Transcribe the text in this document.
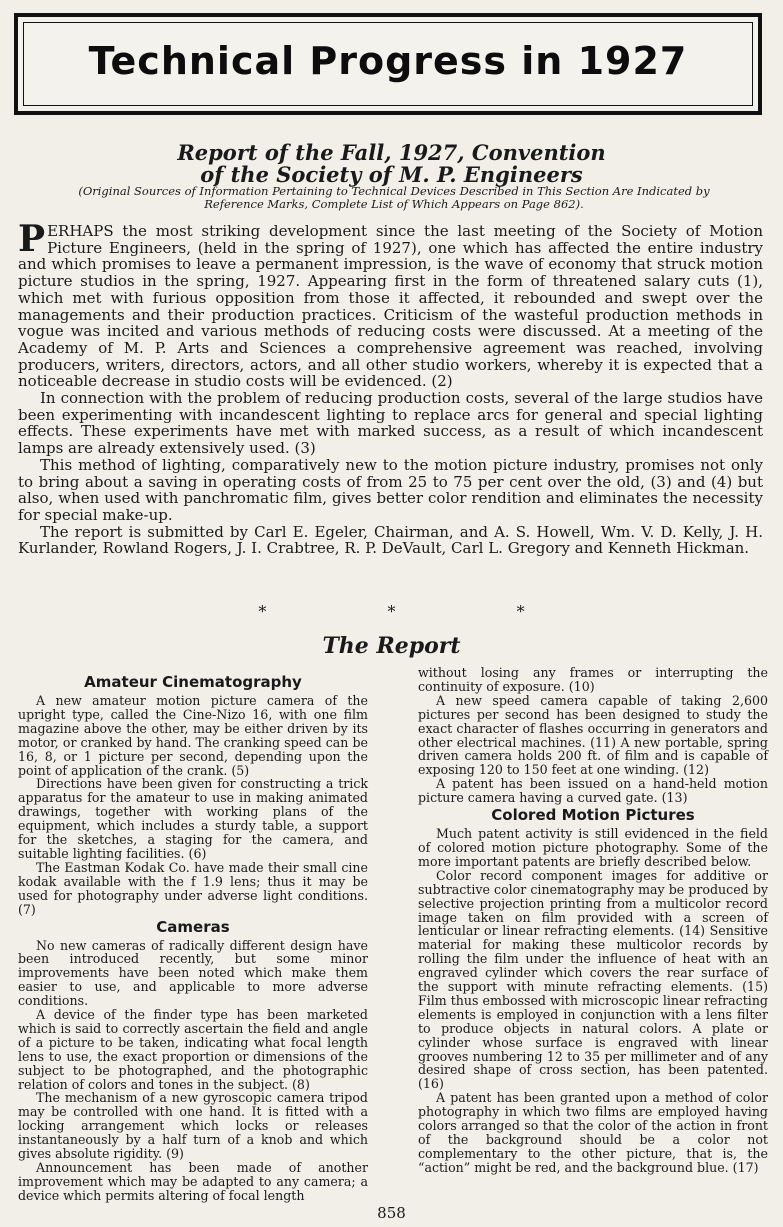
Technical Progress in 1927
Report of the Fall, 1927, Convention
of the Society of M. P. Engineers
(Original Sources of Information Pertaining to Technical Devices Described in This Section Are Indicated by Reference Marks, Complete List of Which Appears on Page 862).

PERHAPS the most striking development since the last meeting of the Society of Motion Picture Engineers, (held in the spring of 1927), one which has affected the entire industry and which promises to leave a permanent impression, is the wave of economy that struck motion picture studios in the spring, 1927. Appearing first in the form of threatened salary cuts (1), which met with furious opposition from those it affected, it rebounded and swept over the managements and their production practices. Criticism of the wasteful production methods in vogue was incited and various methods of reducing costs were discussed. At a meeting of the Academy of M. P. Arts and Sciences a comprehensive agreement was reached, involving producers, writers, directors, actors, and all other studio workers, whereby it is expected that a noticeable decrease in studio costs will be evidenced. (2)

In connection with the problem of reducing production costs, several of the large studios have been experimenting with incandescent lighting to replace arcs for general and special lighting effects. These experiments have met with marked success, as a result of which incandescent lamps are already extensively used. (3)

This method of lighting, comparatively new to the motion picture industry, promises not only to bring about a saving in operating costs of from 25 to 75 per cent over the old, (3) and (4) but also, when used with panchromatic film, gives better color rendition and eliminates the necessity for special make-up.

The report is submitted by Carl E. Egeler, Chairman, and A. S. Howell, Wm. V. D. Kelly, J. H. Kurlander, Rowland Rogers, J. I. Crabtree, R. P. DeVault, Carl L. Gregory and Kenneth Hickman.

* * *
The Report
Amateur Cinematography

A new amateur motion picture camera of the upright type, called the Cine-Nizo 16, with one film magazine above the other, may be either driven by its motor, or cranked by hand. The cranking speed can be 16, 8, or 1 picture per second, depending upon the point of application of the crank. (5)

Directions have been given for constructing a trick apparatus for the amateur to use in making animated drawings, together with working plans of the equipment, which includes a sturdy table, a support for the sketches, a staging for the camera, and suitable lighting facilities. (6)

The Eastman Kodak Co. have made their small cine kodak available with the f 1.9 lens; thus it may be used for photography under adverse light conditions. (7)

Cameras

No new cameras of radically different design have been introduced recently, but some minor improvements have been noted which make them easier to use, and applicable to more adverse conditions.

A device of the finder type has been marketed which is said to correctly ascertain the field and angle of a picture to be taken, indicating what focal length lens to use, the exact proportion or dimensions of the subject to be photographed, and the photographic relation of colors and tones in the subject. (8)

The mechanism of a new gyroscopic camera tripod may be controlled with one hand. It is fitted with a locking arrangement which locks or releases instantaneously by a half turn of a knob and which gives absolute rigidity. (9)

Announcement has been made of another improvement which may be adapted to any camera; a device which permits altering of focal length

without losing any frames or interrupting the continuity of exposure. (10)

A new speed camera capable of taking 2,600 pictures per second has been designed to study the exact character of flashes occurring in generators and other electrical machines. (11) A new portable, spring driven camera holds 200 ft. of film and is capable of exposing 120 to 150 feet at one winding. (12)

A patent has been issued on a hand-held motion picture camera having a curved gate. (13)

Colored Motion Pictures

Much patent activity is still evidenced in the field of colored motion picture photography. Some of the more important patents are briefly described below.

Color record component images for additive or subtractive color cinematography may be produced by selective projection printing from a multicolor record image taken on film provided with a screen of lenticular or linear refracting elements. (14) Sensitive material for making these multicolor records by rolling the film under the influence of heat with an engraved cylinder which covers the rear surface of the support with minute refracting elements. (15) Film thus embossed with microscopic linear refracting elements is employed in conjunction with a lens filter to produce objects in natural colors. A plate or cylinder whose surface is engraved with linear grooves numbering 12 to 35 per millimeter and of any desired shape of cross section, has been patented. (16)

A patent has been granted upon a method of color photography in which two films are employed having colors arranged so that the color of the action in front of the background should be a color not complementary to the other picture, that is, the “action” might be red, and the background blue. (17)

858
